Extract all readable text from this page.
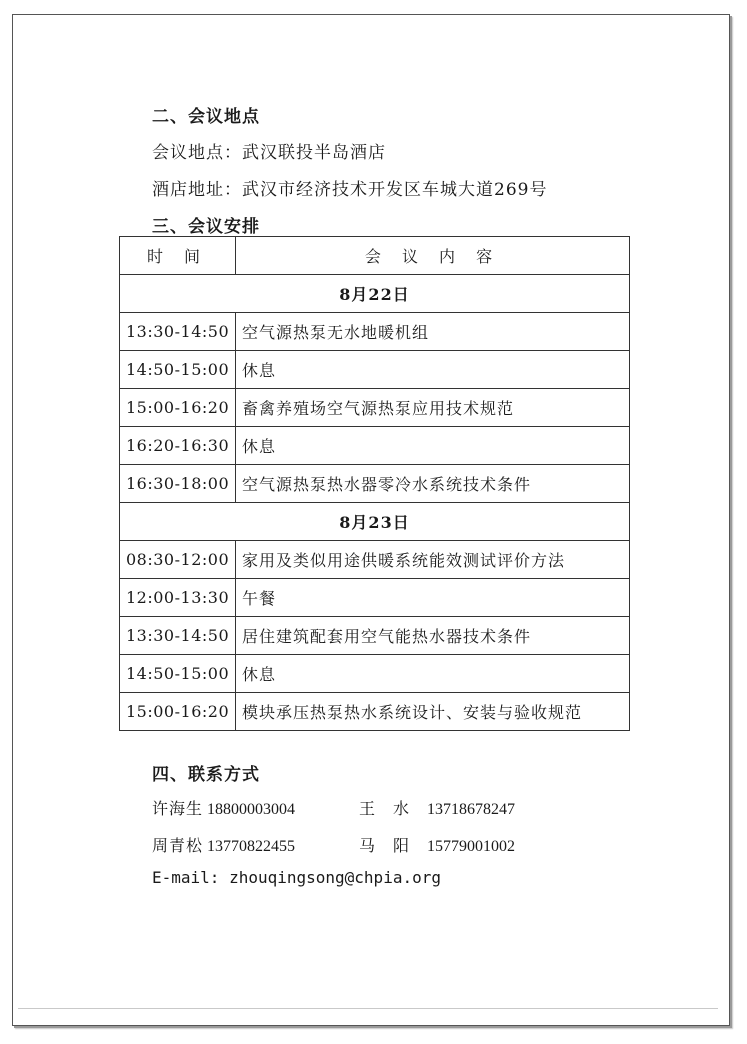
二、会议地点
会议地点：武汉联投半岛酒店
酒店地址：武汉市经济技术开发区车城大道269号
三、会议安排
时 间	会 议 内 容
8月22日	
13:30-14:50	空气源热泵无水地暖机组
14:50-15:00	休息
15:00-16:20	畜禽养殖场空气源热泵应用技术规范
16:20-16:30	休息
16:30-18:00	空气源热泵热水器零冷水系统技术条件
8月23日	
08:30-12:00	家用及类似用途供暖系统能效测试评价方法
12:00-13:30	午餐
13:30-14:50	居住建筑配套用空气能热水器技术条件
14:50-15:00	休息
15:00-16:20	模块承压热泵热水系统设计、安装与验收规范
四、联系方式
许海生 18800003004	王水13718678247
周青松 13770822455	马阳15779001002
E-mail: zhouqingsong@chpia.org
